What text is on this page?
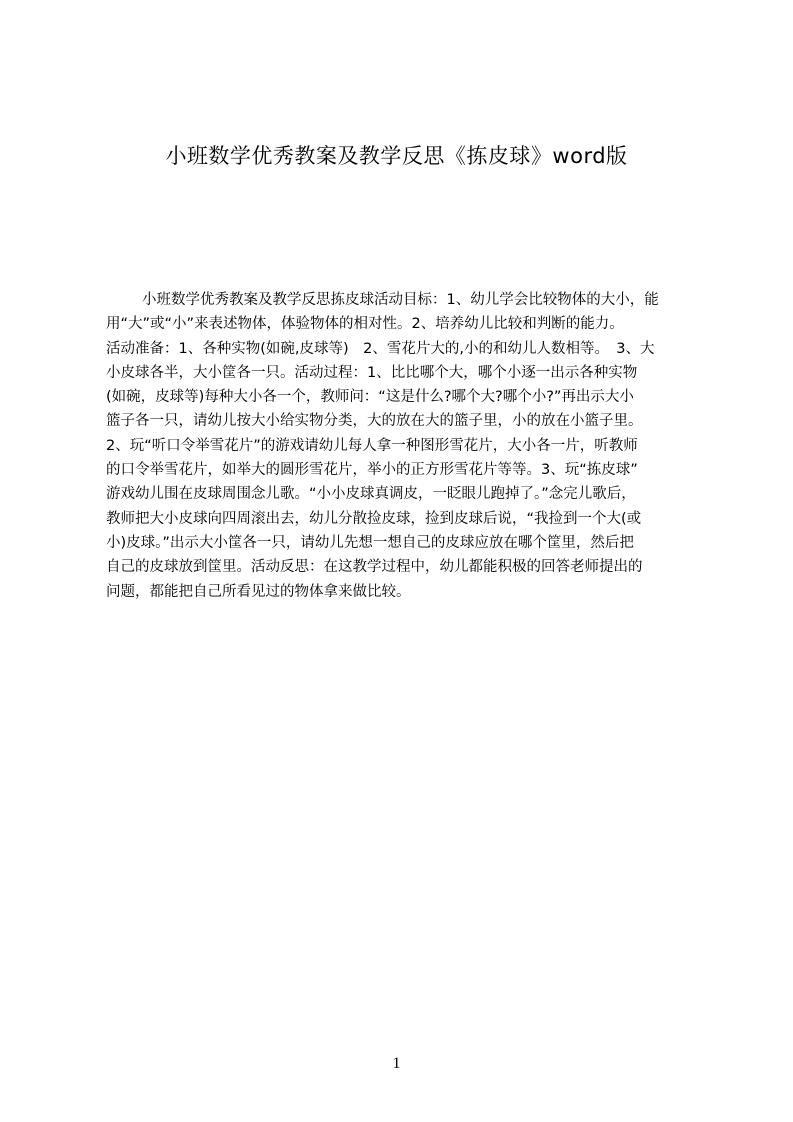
小班数学优秀教案及教学反思《拣皮球》word版
小班数学优秀教案及教学反思拣皮球活动目标：1、幼儿学会比较物体的大小，能
用“大”或“小”来表述物体，体验物体的相对性。2、培养幼儿比较和判断的能力。
活动准备：1、各种实物(如碗,皮球等)　2、雪花片大的,小的和幼儿人数相等。　3、大
小皮球各半，大小筐各一只。活动过程：1、比比哪个大，哪个小逐一出示各种实物
(如碗，皮球等)每种大小各一个，教师问：“这是什么?哪个大?哪个小?”再出示大小
篮子各一只，请幼儿按大小给实物分类，大的放在大的篮子里，小的放在小篮子里。
2、玩“听口令举雪花片”的游戏请幼儿每人拿一种图形雪花片，大小各一片，听教师
的口令举雪花片，如举大的圆形雪花片，举小的正方形雪花片等等。3、玩“拣皮球”
游戏幼儿围在皮球周围念儿歌。“小小皮球真调皮，一眨眼儿跑掉了。”念完儿歌后，
教师把大小皮球向四周滚出去，幼儿分散捡皮球，捡到皮球后说，“我捡到一个大(或
小)皮球。”出示大小筐各一只，请幼儿先想一想自己的皮球应放在哪个筐里，然后把
自己的皮球放到筐里。活动反思：在这教学过程中，幼儿都能积极的回答老师提出的
问题，都能把自己所看见过的物体拿来做比较。
1
